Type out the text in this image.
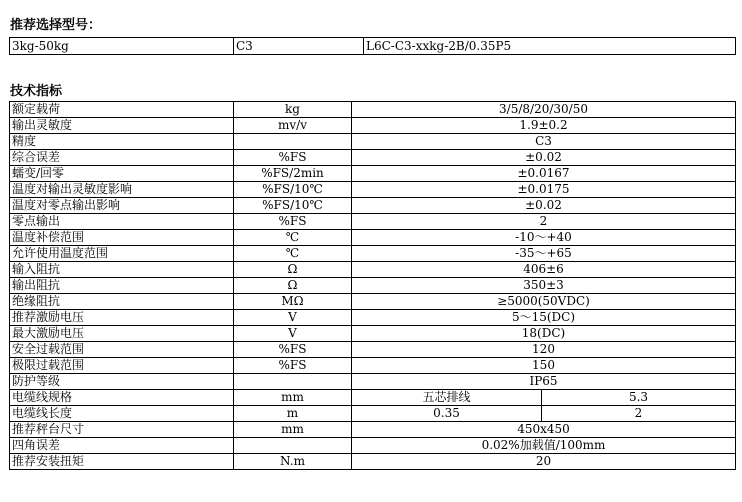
推荐选择型号：
3kg-50kg	C3	L6C-C3-xxkg-2B/0.35P5
技术指标
额定载荷	kg	3/5/8/20/30/50	
输出灵敏度	mv/v	1.9±0.2	
精度		C3	
综合误差	%FS	±0.02	
蠕变/回零	%FS/2min	±0.0167	
温度对输出灵敏度影响	%FS/10℃	±0.0175	
温度对零点输出影响	%FS/10℃	±0.02	
零点输出	%FS	2	
温度补偿范围	℃	-10～+40	
允许使用温度范围	℃	-35～+65	
输入阻抗	Ω	406±6	
输出阻抗	Ω	350±3	
绝缘阻抗	MΩ	≥5000(50VDC)	
推荐激励电压	V	5～15(DC)	
最大激励电压	V	18(DC)	
安全过载范围	%FS	120	
极限过载范围	%FS	150	
防护等级		IP65	
电缆线规格	mm	五芯排线	5.3
电缆线长度	m	0.35	2
推荐秤台尺寸	mm	450x450	
四角误差		0.02%加载值/100mm	
推荐安装扭矩	N.m	20	
